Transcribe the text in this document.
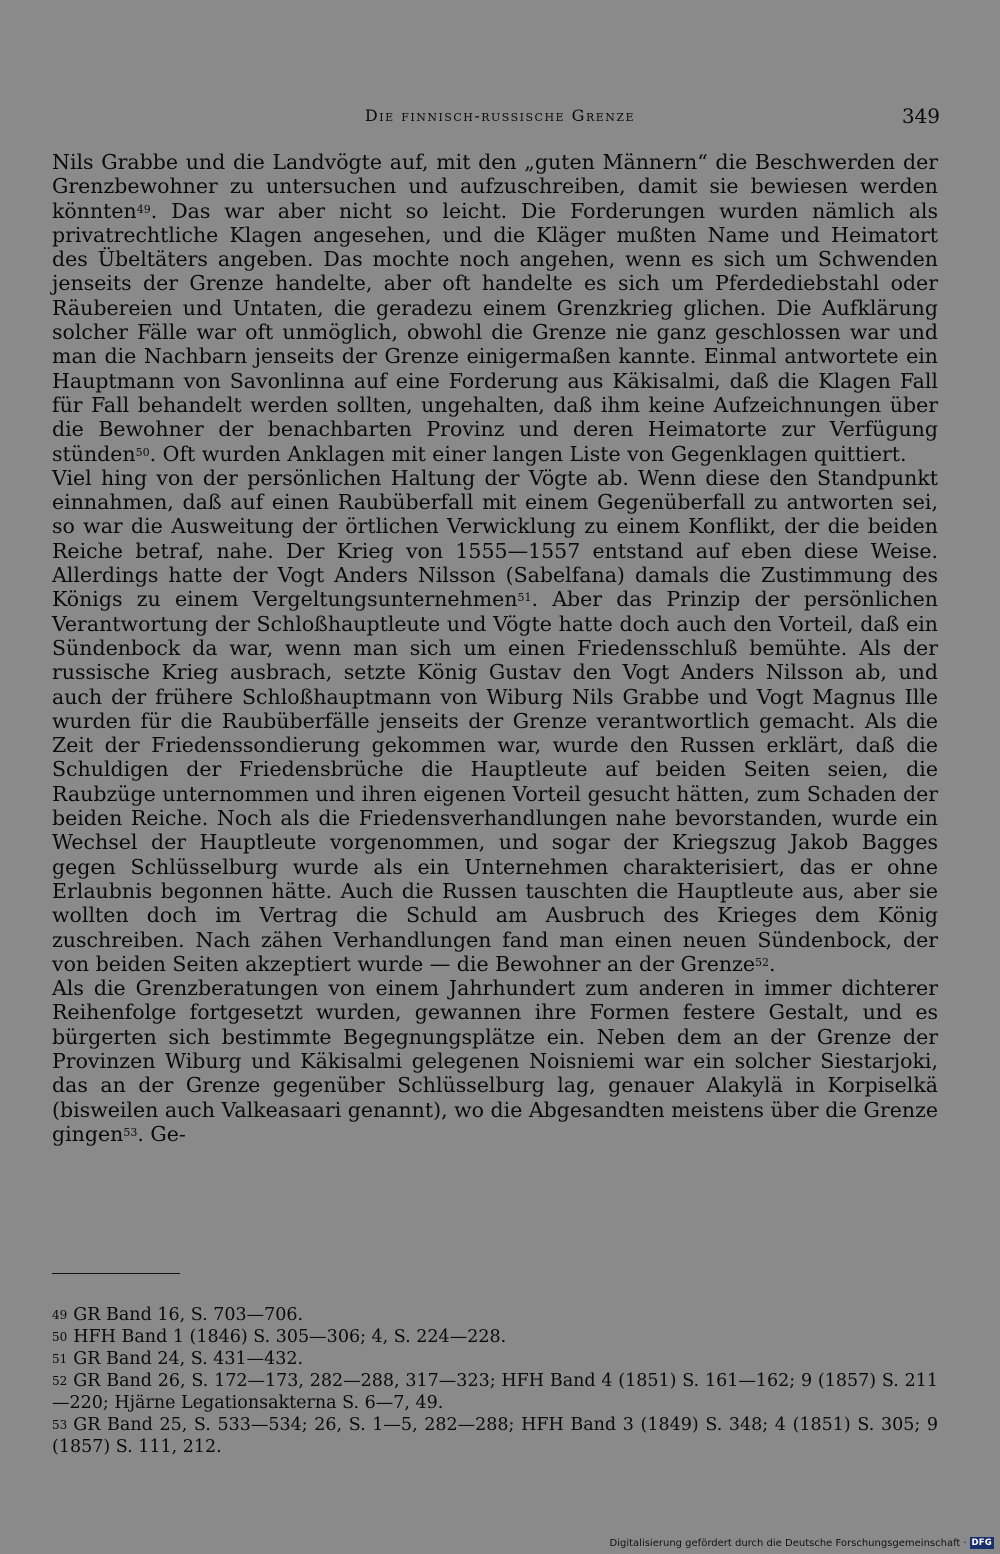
Die finnisch-russische Grenze	349

Nils Grabbe und die Landvögte auf, mit den „guten Männern“ die Beschwerden der Grenzbewohner zu untersuchen und aufzuschreiben, damit sie bewiesen werden könnten$^{49}$. Das war aber nicht so leicht. Die Forderungen wurden nämlich als privatrechtliche Klagen angesehen, und die Kläger mußten Name und Heimatort des Übeltäters angeben. Das mochte noch angehen, wenn es sich um Schwenden jenseits der Grenze handelte, aber oft handelte es sich um Pferdediebstahl oder Räubereien und Untaten, die geradezu einem Grenzkrieg glichen. Die Aufklärung solcher Fälle war oft unmöglich, obwohl die Grenze nie ganz geschlossen war und man die Nachbarn jenseits der Grenze einigermaßen kannte. Einmal antwortete ein Hauptmann von Savonlinna auf eine Forderung aus Käkisalmi, daß die Klagen Fall für Fall behandelt werden sollten, ungehalten, daß ihm keine Aufzeichnungen über die Bewohner der benachbarten Provinz und deren Heimatorte zur Verfügung stünden$^{50}$. Oft wurden Anklagen mit einer langen Liste von Gegenklagen quittiert.

Viel hing von der persönlichen Haltung der Vögte ab. Wenn diese den Standpunkt einnahmen, daß auf einen Raubüberfall mit einem Gegenüberfall zu antworten sei, so war die Ausweitung der örtlichen Verwicklung zu einem Konflikt, der die beiden Reiche betraf, nahe. Der Krieg von 1555—1557 entstand auf eben diese Weise. Allerdings hatte der Vogt Anders Nilsson (Sabelfana) damals die Zustimmung des Königs zu einem Vergeltungsunternehmen$^{51}$. Aber das Prinzip der persönlichen Verantwortung der Schloßhauptleute und Vögte hatte doch auch den Vorteil, daß ein Sündenbock da war, wenn man sich um einen Friedensschluß bemühte. Als der russische Krieg ausbrach, setzte König Gustav den Vogt Anders Nilsson ab, und auch der frühere Schloßhauptmann von Wiburg Nils Grabbe und Vogt Magnus Ille wurden für die Raubüberfälle jenseits der Grenze verantwortlich gemacht. Als die Zeit der Friedenssondierung gekommen war, wurde den Russen erklärt, daß die Schuldigen der Friedensbrüche die Hauptleute auf beiden Seiten seien, die Raubzüge unternommen und ihren eigenen Vorteil gesucht hätten, zum Schaden der beiden Reiche. Noch als die Friedensverhandlungen nahe bevorstanden, wurde ein Wechsel der Hauptleute vorgenommen, und sogar der Kriegszug Jakob Bagges gegen Schlüsselburg wurde als ein Unternehmen charakterisiert, das er ohne Erlaubnis begonnen hätte. Auch die Russen tauschten die Hauptleute aus, aber sie wollten doch im Vertrag die Schuld am Ausbruch des Krieges dem König zuschreiben. Nach zähen Verhandlungen fand man einen neuen Sündenbock, der von beiden Seiten akzeptiert wurde — die Bewohner an der Grenze$^{52}$.

Als die Grenzberatungen von einem Jahrhundert zum anderen in immer dichterer Reihenfolge fortgesetzt wurden, gewannen ihre Formen festere Gestalt, und es bürgerten sich bestimmte Begegnungsplätze ein. Neben dem an der Grenze der Provinzen Wiburg und Käkisalmi gelegenen Noisniemi war ein solcher Siestarjoki, das an der Grenze gegenüber Schlüsselburg lag, genauer Alakylä in Korpiselkä (bisweilen auch Valkeasaari genannt), wo die Abgesandten meistens über die Grenze gingen$^{53}$. Ge-

$^{49}$ GR Band 16, S. 703—706.

$^{50}$ HFH Band 1 (1846) S. 305—306; 4, S. 224—228.

$^{51}$ GR Band 24, S. 431—432.

$^{52}$ GR Band 26, S. 172—173, 282—288, 317—323; HFH Band 4 (1851) S. 161—162; 9 (1857) S. 211—220; Hjärne Legationsakterna S. 6—7, 49.

$^{53}$ GR Band 25, S. 533—534; 26, S. 1—5, 282—288; HFH Band 3 (1849) S. 348; 4 (1851) S. 305; 9 (1857) S. 111, 212.

Digitalisierung gefördert durch die Deutsche Forschungsgemeinschaft · DFG
